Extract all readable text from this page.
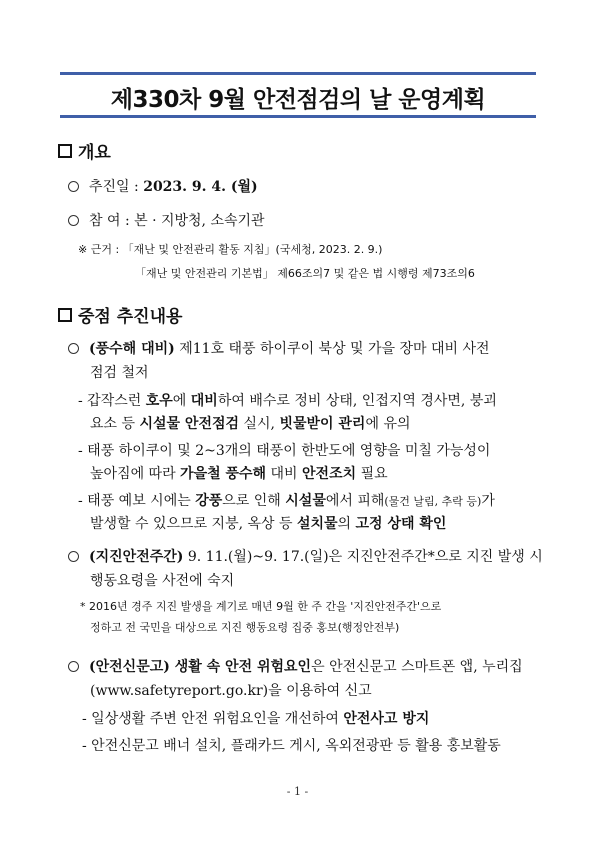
제330차 9월 안전점검의 날 운영계획
개요
추진일 : 2023. 9. 4. (월)
참 여 : 본 · 지방청, 소속기관
※ 근거 : 「재난 및 안전관리 활동 지침」(국세청, 2023. 2. 9.)
「재난 및 안전관리 기본법」 제66조의7 및 같은 법 시행령 제73조의6
중점 추진내용
(풍수해 대비) 제11호 태풍 하이쿠이 북상 및 가을 장마 대비 사전
점검 철저
- 갑작스런 호우에 대비하여 배수로 정비 상태, 인접지역 경사면, 붕괴
요소 등 시설물 안전점검 실시, 빗물받이 관리에 유의
- 태풍 하이쿠이 및 2~3개의 태풍이 한반도에 영향을 미칠 가능성이
높아짐에 따라 가을철 풍수해 대비 안전조치 필요
- 태풍 예보 시에는 강풍으로 인해 시설물에서 피해(물건 날림, 추락 등)가
발생할 수 있으므로 지붕, 옥상 등 설치물의 고정 상태 확인
(지진안전주간) 9. 11.(월)~9. 17.(일)은 지진안전주간*으로 지진 발생 시
행동요령을 사전에 숙지
* 2016년 경주 지진 발생을 계기로 매년 9월 한 주 간을 '지진안전주간'으로
정하고 전 국민을 대상으로 지진 행동요령 집중 홍보(행정안전부)
(안전신문고) 생활 속 안전 위험요인은 안전신문고 스마트폰 앱, 누리집
(www.safetyreport.go.kr)을 이용하여 신고
- 일상생활 주변 안전 위험요인을 개선하여 안전사고 방지
- 안전신문고 배너 설치, 플래카드 게시, 옥외전광판 등 활용 홍보활동
- 1 -
